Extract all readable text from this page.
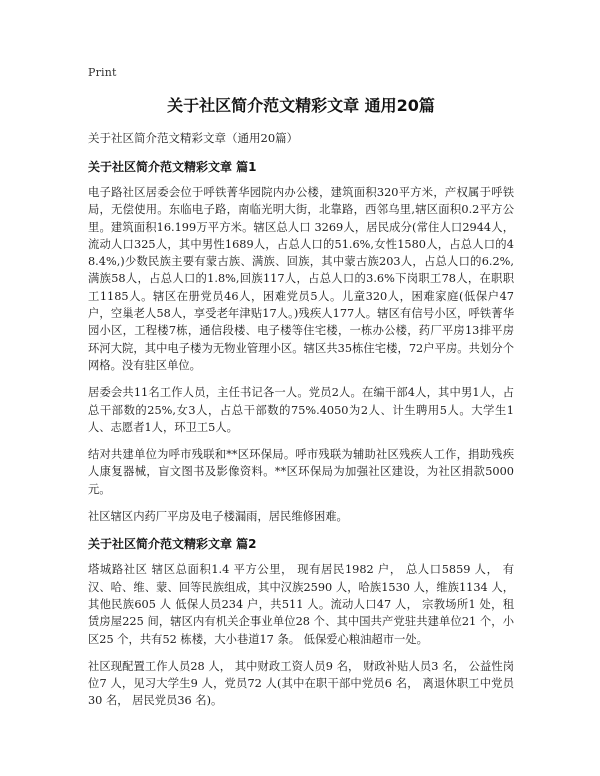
Print
关于社区简介范文精彩文章 通用20篇
关于社区简介范文精彩文章（通用20篇）
关于社区简介范文精彩文章 篇1

电子路社区居委会位于呼铁菁华园院内办公楼，建筑面积320平方米，产权属于呼铁局，无偿使用。东临电子路，南临光明大街，北靠路，西邻乌里,辖区面积0.2平方公里。建筑面积16.199万平方米。辖区总人口 3269人，居民成分(常住人口2944人，流动人口325人，其中男性1689人，占总人口的51.6%,女性1580人，占总人口的48.4%,)少数民族主要有蒙古族、满族、回族，其中蒙古族203人，占总人口的6.2%,满族58人，占总人口的1.8%,回族117人，占总人口的3.6%下岗职工78人，在职职工1185人。辖区在册党员46人，困难党员5人。儿童320人，困难家庭(低保户47户，空巢老人58人，享受老年津贴17人。)残疾人177人。辖区有信号小区，呼铁菁华园小区，工程楼7栋，通信段楼、电子楼等住宅楼，一栋办公楼，药厂平房13排平房环河大院，其中电子楼为无物业管理小区。辖区共35栋住宅楼，72户平房。共划分个网格。没有驻区单位。

居委会共11名工作人员，主任书记各一人。党员2人。在编干部4人，其中男1人，占总干部数的25%,女3人，占总干部数的75%.4050为2人、计生聘用5人。大学生1人、志愿者1人，环卫工5人。

结对共建单位为呼市残联和**区环保局。呼市残联为辅助社区残疾人工作，捐助残疾人康复器械，盲文图书及影像资料。**区环保局为加强社区建设，为社区捐款5000元。

社区辖区内药厂平房及电子楼漏雨，居民维修困难。

关于社区简介范文精彩文章 篇2

塔城路社区 辖区总面积1.4 平方公里， 现有居民1982 户， 总人口5859 人， 有汉、哈、维、蒙、回等民族组成，其中汉族2590 人，哈族1530 人，维族1134 人，其他民族605 人 低保人员234 户，共511 人。流动人口47 人， 宗教场所1 处，租赁房屋225 间，辖区内有机关企事业单位28 个、其中国共产党驻共建单位21 个，小区25 个，共有52 栋楼，大小巷道17 条。 低保爱心粮油超市一处。

社区现配置工作人员28 人， 其中财政工资人员9 名， 财政补贴人员3 名， 公益性岗位7 人，见习大学生9 人，党员72 人(其中在职干部中党员6 名， 离退休职工中党员30 名， 居民党员36 名)。
